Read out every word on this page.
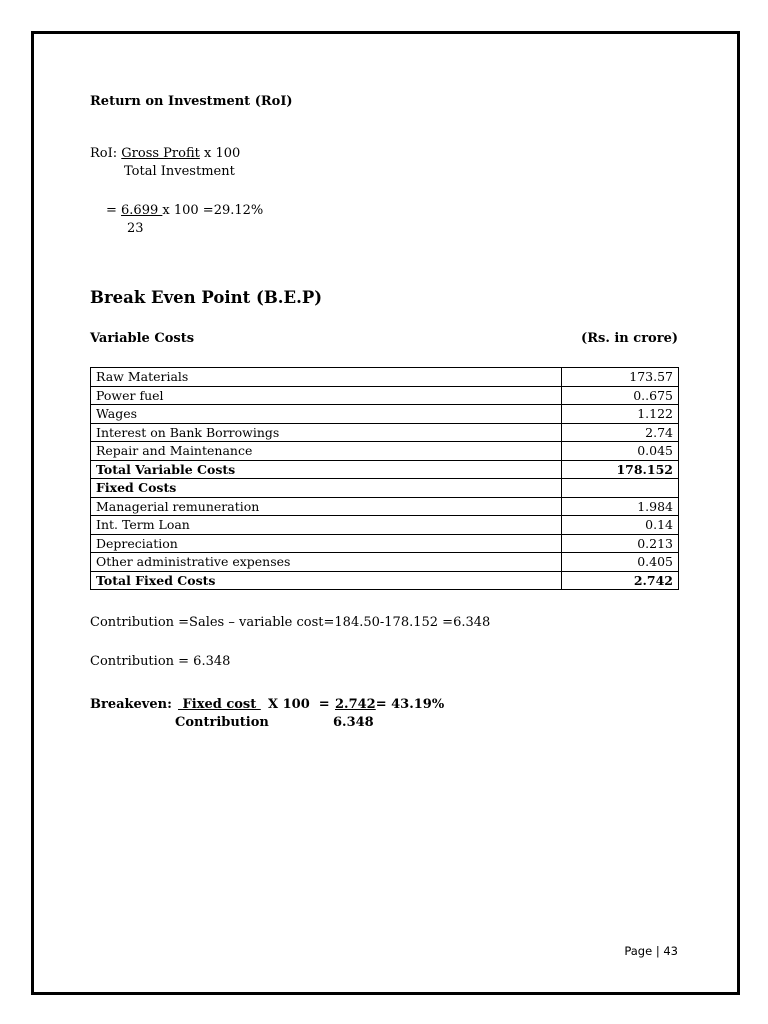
Return on Investment (RoI)
RoI: Gross Profit x 100
Total Investment
= 6.699 x 100 =29.12%
23
Break Even Point (B.E.P)
Variable Costs	(Rs. in crore)
Raw Materials	173.57
Power fuel	0..675
Wages	1.122
Interest on Bank Borrowings	2.74
Repair and Maintenance	0.045
Total Variable Costs	178.152
Fixed Costs	
Managerial remuneration	1.984
Int. Term Loan	0.14
Depreciation	0.213
Other administrative expenses	0.405
Total Fixed Costs	2.742
Contribution =Sales – variable cost=184.50-178.152 =6.348
Contribution = 6.348
Breakeven: Fixed cost X 100  = 2.742= 43.19%
Contribution	6.348
Page | 43
